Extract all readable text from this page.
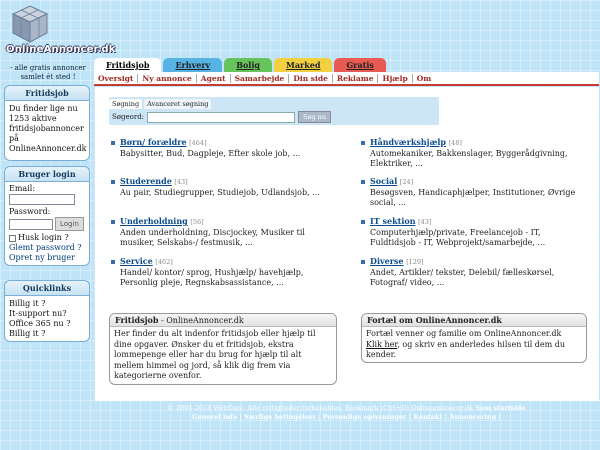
OnlineAnnoncer.dk
- alle gratis annoncer samlet ét sted !
Fritidsjob
Du finder lige nu 1253 aktive fritidsjobannoncer på OnlineAnnoncer.dk
Bruger login
Email:
Password:
Login
Husk login ?
Glemt password ?
Opret ny bruger
Quicklinks
Billig it ?
It-support nu?
Office 365 nu ?
Billig it ?
Fritidsjob	Erhverv	Bolig	Marked	Gratis
Oversigt	Ny annonce	Agent	Samarbejde	Din side	Reklame	Hjælp	Om
Søgning	Avanceret søgning
Søgeord:	Søg nu
Børn/ forældre [464]
Babysitter, Bud, Dagpleje, Efter skole job, ...
Håndværkshjælp [48]
Automekaniker, Bakkenslager, Byggerådgivning, Elektriker, ...
Studerende [43]
Au pair, Studiegrupper, Studiejob, Udlandsjob, ...
Social [24]
Besøgsven, Handicaphjælper, Institutioner, Øvrige social, ...
Underholdning [56]
Anden underholdning, Discjockey, Musiker til musiker, Selskabs-/ festmusik, ...
IT sektion [43]
Computerhjælp/private, Freelancejob - IT, Fuldtidsjob - IT, Webprojekt/samarbejde, ...
Service [462]
Handel/ kontor/ sprog, Hushjælp/ havehjælp, Personlig pleje, Regnskabsassistance, ...
Diverse [129]
Andet, Artikler/ tekster, Delebil/ fælleskørsel, Fotograf/ video, ...
Fritidsjob - OnlineAnnoncer.dk
Her finder du alt indenfor fritidsjob eller hjælp til dine opgaver. Ønsker du et fritidsjob, ekstra lommepenge eller har du brug for hjælp til alt mellem himmel og jord, så klik dig frem via kategorierne ovenfor.
Fortæl om OnlineAnnoncer.dk
Fortæl venner og familie om OnlineAnnoncer.dk
Klik her, og skriv en anderledes hilsen til dem du kender.
© 2004-2018 WebCare. Alle rettigheder forbeholdes. Bookmark (Ctrl+D) Onlineannoncer.dk Som startside
Generel info | Særlige betingelser | Personlige oplysninger | Kontakt | Annoncering |
